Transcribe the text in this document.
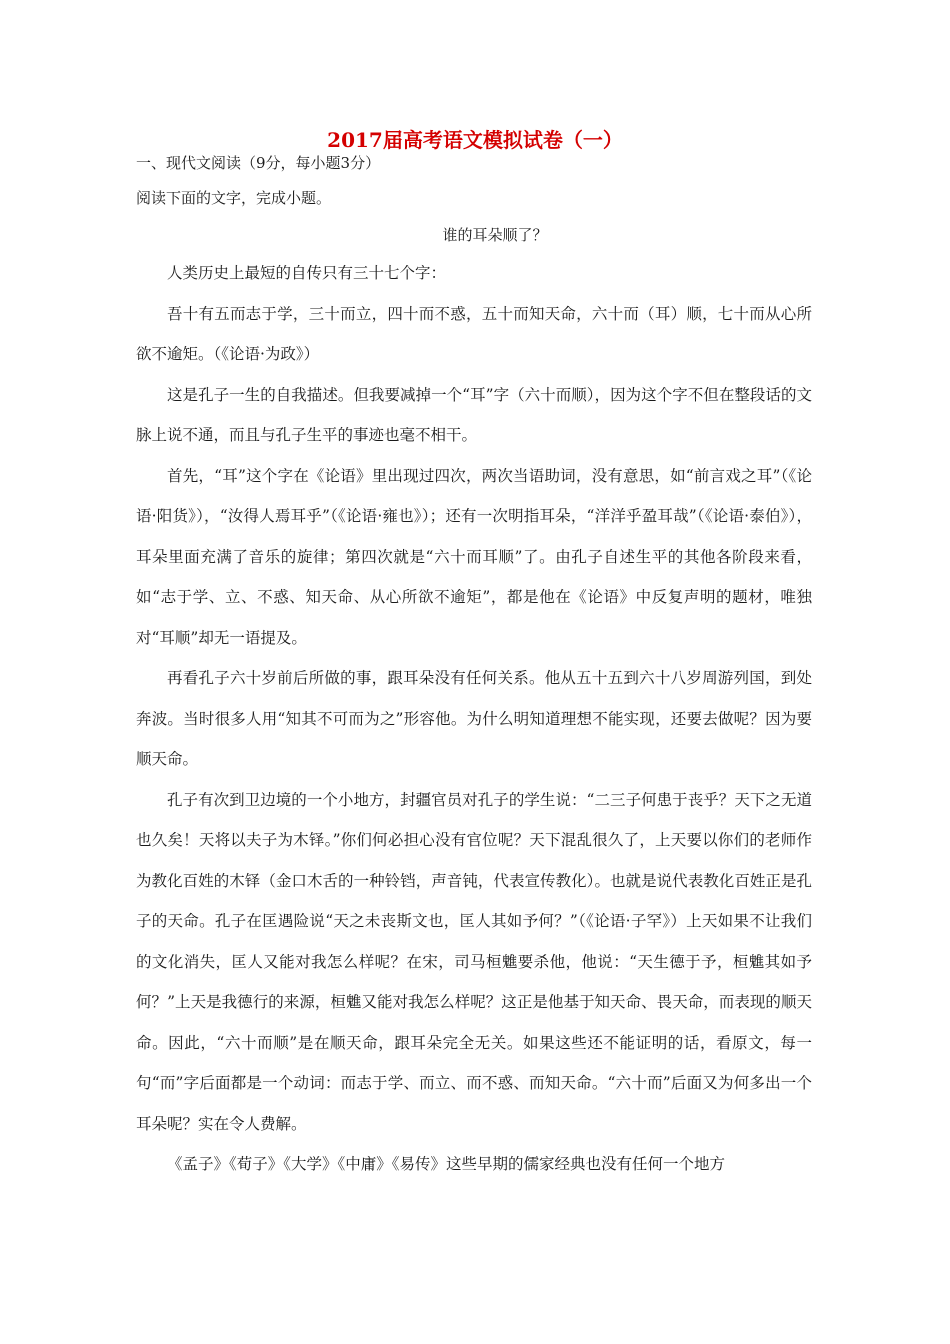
2017届高考语文模拟试卷（一）
一、现代文阅读（9分，每小题3分）
阅读下面的文字，完成小题。
谁的耳朵顺了？

人类历史上最短的自传只有三十七个字：

吾十有五而志于学，三十而立，四十而不惑，五十而知天命，六十而（耳）顺，七十而从心所欲不逾矩。（《论语·为政》）

这是孔子一生的自我描述。但我要减掉一个“耳”字（六十而顺），因为这个字不但在整段话的文脉上说不通，而且与孔子生平的事迹也毫不相干。

首先，“耳”这个字在《论语》里出现过四次，两次当语助词，没有意思，如“前言戏之耳”（《论语·阳货》），“汝得人焉耳乎”（《论语·雍也》）；还有一次明指耳朵，“洋洋乎盈耳哉”（《论语·泰伯》），耳朵里面充满了音乐的旋律；第四次就是“六十而耳顺”了。由孔子自述生平的其他各阶段来看，如“志于学、立、不惑、知天命、从心所欲不逾矩”，都是他在《论语》中反复声明的题材，唯独对“耳顺”却无一语提及。

再看孔子六十岁前后所做的事，跟耳朵没有任何关系。他从五十五到六十八岁周游列国，到处奔波。当时很多人用“知其不可而为之”形容他。为什么明知道理想不能实现，还要去做呢？因为要顺天命。

孔子有次到卫边境的一个小地方，封疆官员对孔子的学生说：“二三子何患于丧乎？天下之无道也久矣！天将以夫子为木铎。”你们何必担心没有官位呢？天下混乱很久了，上天要以你们的老师作为教化百姓的木铎（金口木舌的一种铃铛，声音钝，代表宣传教化）。也就是说代表教化百姓正是孔子的天命。孔子在匡遇险说“天之未丧斯文也，匡人其如予何？”（《论语·子罕》）上天如果不让我们的文化消失，匡人又能对我怎么样呢？在宋，司马桓魋要杀他，他说：“天生德于予，桓魋其如予何？”上天是我德行的来源，桓魋又能对我怎么样呢？这正是他基于知天命、畏天命，而表现的顺天命。因此，“六十而顺”是在顺天命，跟耳朵完全无关。如果这些还不能证明的话，看原文，每一句“而”字后面都是一个动词：而志于学、而立、而不惑、而知天命。“六十而”后面又为何多出一个耳朵呢？实在令人费解。

《孟子》《荀子》《大学》《中庸》《易传》这些早期的儒家经典也没有任何一个地方
